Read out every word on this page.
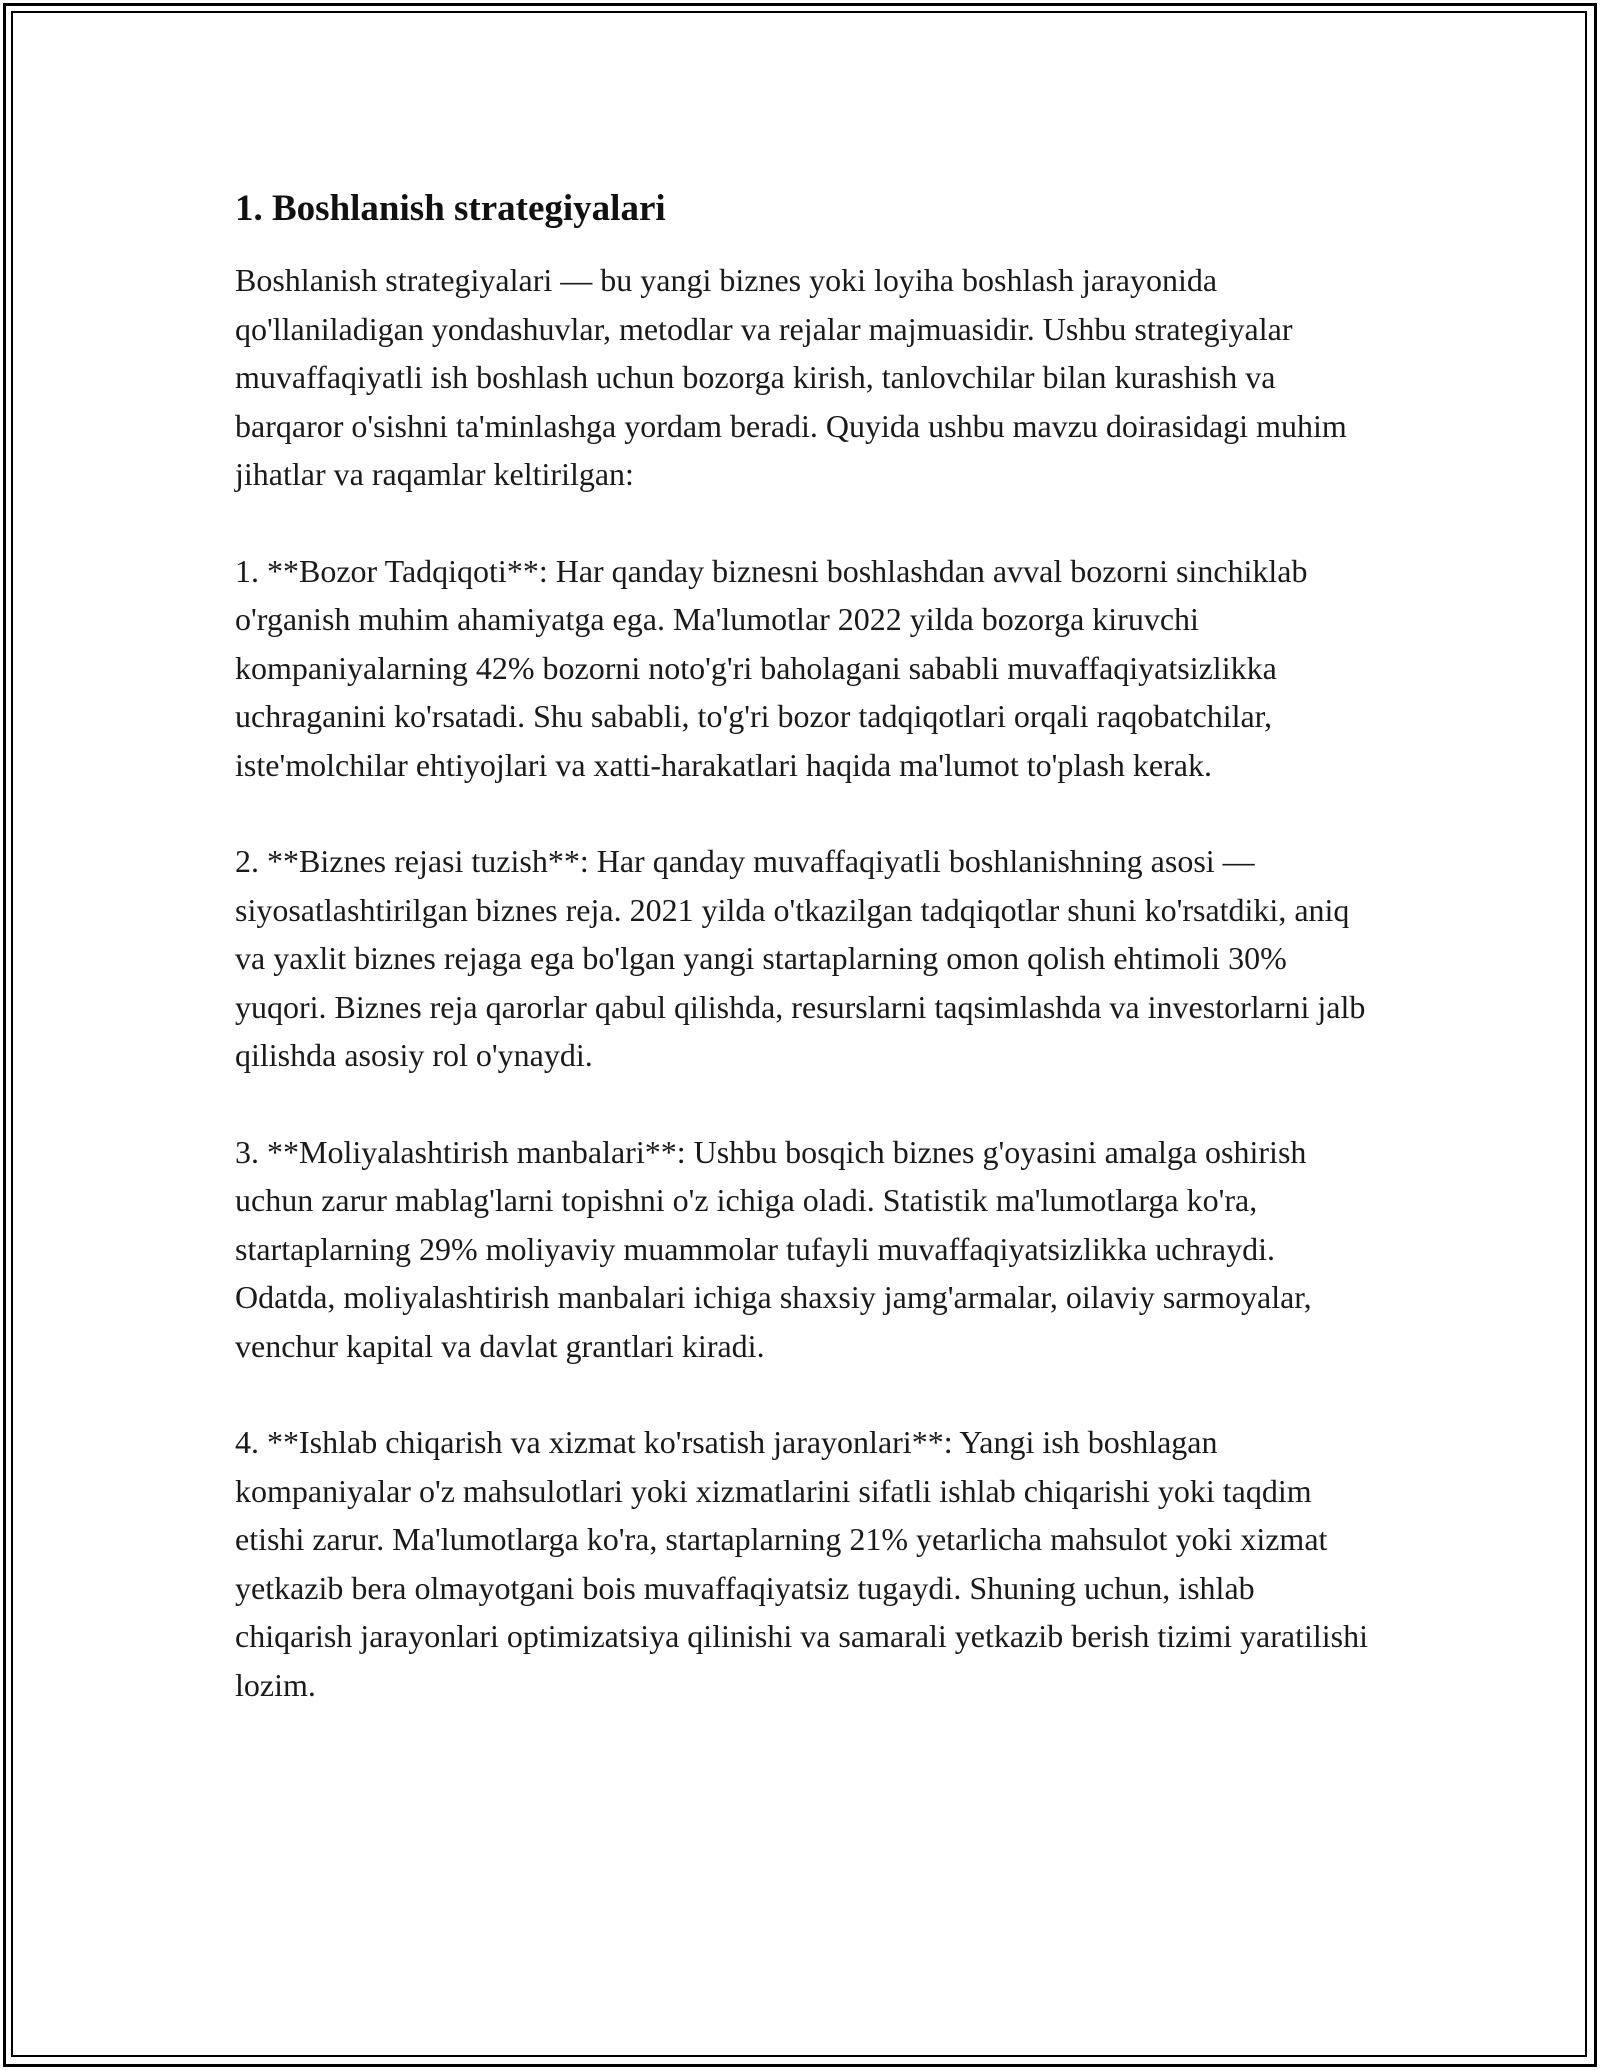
1. Boshlanish strategiyalari

Boshlanish strategiyalari — bu yangi biznes yoki loyiha boshlash jarayonida qo'llaniladigan yondashuvlar, metodlar va rejalar majmuasidir. Ushbu strategiyalar muvaffaqiyatli ish boshlash uchun bozorga kirish, tanlovchilar bilan kurashish va barqaror o'sishni ta'minlashga yordam beradi. Quyida ushbu mavzu doirasidagi muhim jihatlar va raqamlar keltirilgan:

1. **Bozor Tadqiqoti**: Har qanday biznesni boshlashdan avval bozorni sinchiklab o'rganish muhim ahamiyatga ega. Ma'lumotlar 2022 yilda bozorga kiruvchi kompaniyalarning 42% bozorni noto'g'ri baholagani sababli muvaffaqiyatsizlikka uchraganini ko'rsatadi. Shu sababli, to'g'ri bozor tadqiqotlari orqali raqobatchilar, iste'molchilar ehtiyojlari va xatti-harakatlari haqida ma'lumot to'plash kerak.

2. **Biznes rejasi tuzish**: Har qanday muvaffaqiyatli boshlanishning asosi — siyosatlashtirilgan biznes reja. 2021 yilda o'tkazilgan tadqiqotlar shuni ko'rsatdiki, aniq va yaxlit biznes rejaga ega bo'lgan yangi startaplarning omon qolish ehtimoli 30% yuqori. Biznes reja qarorlar qabul qilishda, resurslarni taqsimlashda va investorlarni jalb qilishda asosiy rol o'ynaydi.

3. **Moliyalashtirish manbalari**: Ushbu bosqich biznes g'oyasini amalga oshirish uchun zarur mablag'larni topishni o'z ichiga oladi. Statistik ma'lumotlarga ko'ra, startaplarning 29% moliyaviy muammolar tufayli muvaffaqiyatsizlikka uchraydi. Odatda, moliyalashtirish manbalari ichiga shaxsiy jamg'armalar, oilaviy sarmoyalar, venchur kapital va davlat grantlari kiradi.

4. **Ishlab chiqarish va xizmat ko'rsatish jarayonlari**: Yangi ish boshlagan kompaniyalar o'z mahsulotlari yoki xizmatlarini sifatli ishlab chiqarishi yoki taqdim etishi zarur. Ma'lumotlarga ko'ra, startaplarning 21% yetarlicha mahsulot yoki xizmat yetkazib bera olmayotgani bois muvaffaqiyatsiz tugaydi. Shuning uchun, ishlab chiqarish jarayonlari optimizatsiya qilinishi va samarali yetkazib berish tizimi yaratilishi lozim.
